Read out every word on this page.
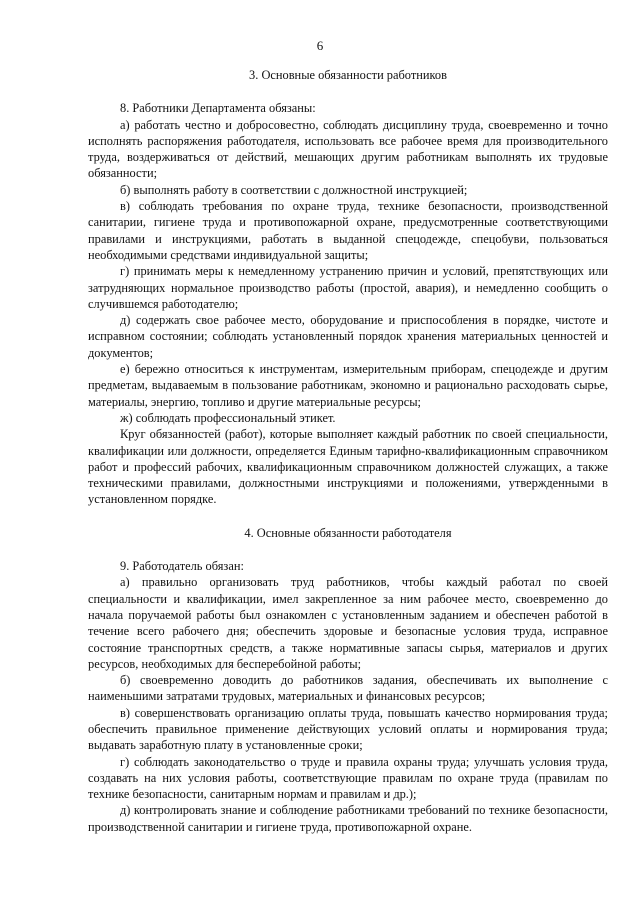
6
3. Основные обязанности работников

8. Работники Департамента обязаны:

а) работать честно и добросовестно, соблюдать дисциплину труда, своевременно и точно исполнять распоряжения работодателя, использовать все рабочее время для производительного труда, воздерживаться от действий, мешающих другим работникам выполнять их трудовые обязанности;

б) выполнять работу в соответствии с должностной инструкцией;

в) соблюдать требования по охране труда, технике безопасности, производственной санитарии, гигиене труда и противопожарной охране, предусмотренные соответствующими правилами и инструкциями, работать в выданной спецодежде, спецобуви, пользоваться необходимыми средствами индивидуальной защиты;

г) принимать меры к немедленному устранению причин и условий, препятствующих или затрудняющих нормальное производство работы (простой, авария), и немедленно сообщить о случившемся работодателю;

д) содержать свое рабочее место, оборудование и приспособления в порядке, чистоте и исправном состоянии; соблюдать установленный порядок хранения материальных ценностей и документов;

е) бережно относиться к инструментам, измерительным приборам, спецодежде и другим предметам, выдаваемым в пользование работникам, экономно и рационально расходовать сырье, материалы, энергию, топливо и другие материальные ресурсы;

ж) соблюдать профессиональный этикет.

Круг обязанностей (работ), которые выполняет каждый работник по своей специальности, квалификации или должности, определяется Единым тарифно-квалификационным справочником работ и профессий рабочих, квалификационным справочником должностей служащих, а также техническими правилами, должностными инструкциями и положениями, утвержденными в установленном порядке.

4. Основные обязанности работодателя

9. Работодатель обязан:

а) правильно организовать труд работников, чтобы каждый работал по своей специальности и квалификации, имел закрепленное за ним рабочее место, своевременно до начала поручаемой работы был ознакомлен с установленным заданием и обеспечен работой в течение всего рабочего дня; обеспечить здоровые и безопасные условия труда, исправное состояние транспортных средств, а также нормативные запасы сырья, материалов и других ресурсов, необходимых для бесперебойной работы;

б) своевременно доводить до работников задания, обеспечивать их выполнение с наименьшими затратами трудовых, материальных и финансовых ресурсов;

в) совершенствовать организацию оплаты труда, повышать качество нормирования труда; обеспечить правильное применение действующих условий оплаты и нормирования труда; выдавать заработную плату в установленные сроки;

г) соблюдать законодательство о труде и правила охраны труда; улучшать условия труда, создавать на них условия работы, соответствующие правилам по охране труда (правилам по технике безопасности, санитарным нормам и правилам и др.);

д) контролировать знание и соблюдение работниками требований по технике безопасности, производственной санитарии и гигиене труда, противопожарной охране.
